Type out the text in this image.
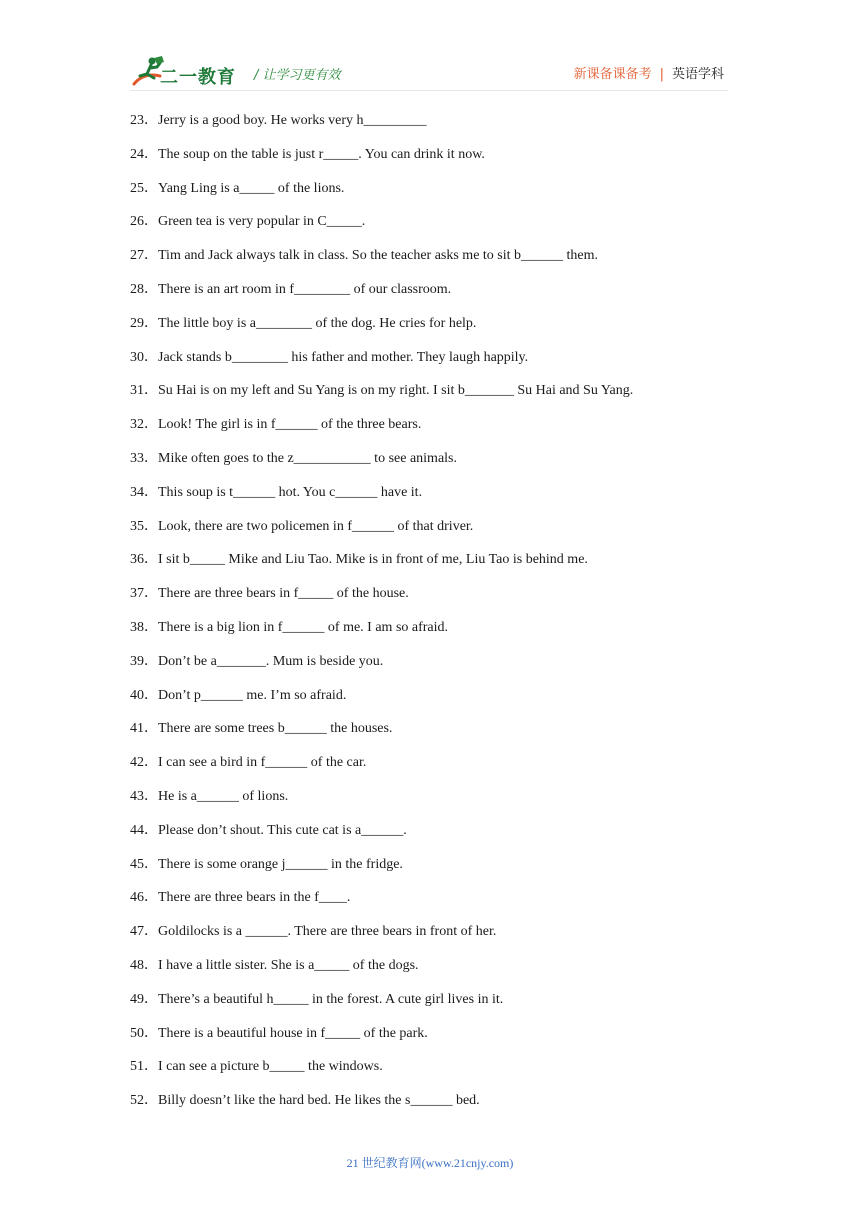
二一教育 / 让学习更有效	新课备课备考 | 英语学科
23．Jerry is a good boy. He works very h_________
24．The soup on the table is just r_____. You can drink it now.
25．Yang Ling is a_____ of the lions.
26．Green tea is very popular in C_____.
27．Tim and Jack always talk in class. So the teacher asks me to sit b______ them.
28．There is an art room in f________ of our classroom.
29．The little boy is a________ of the dog. He cries for help.
30．Jack stands b________ his father and mother. They laugh happily.
31．Su Hai is on my left and Su Yang is on my right. I sit b_______ Su Hai and Su Yang.
32．Look! The girl is in f______ of the three bears.
33．Mike often goes to the z___________ to see animals.
34．This soup is t______ hot. You c______ have it.
35．Look, there are two policemen in f______ of that driver.
36．I sit b_____ Mike and Liu Tao. Mike is in front of me, Liu Tao is behind me.
37．There are three bears in f_____ of the house.
38．There is a big lion in f______ of me. I am so afraid.
39．Don’t be a_______. Mum is beside you.
40．Don’t p______ me. I’m so afraid.
41．There are some trees b______ the houses.
42．I can see a bird in f______ of the car.
43．He is a______ of lions.
44．Please don’t shout. This cute cat is a______.
45．There is some orange j______ in the fridge.
46．There are three bears in the f____.
47．Goldilocks is a ______. There are three bears in front of her.
48．I have a little sister. She is a_____ of the dogs.
49．There’s a beautiful h_____ in the forest. A cute girl lives in it.
50．There is a beautiful house in f_____ of the park.
51．I can see a picture b_____ the windows.
52．Billy doesn’t like the hard bed. He likes the s______ bed.
21 世纪教育网(www.21cnjy.com)
